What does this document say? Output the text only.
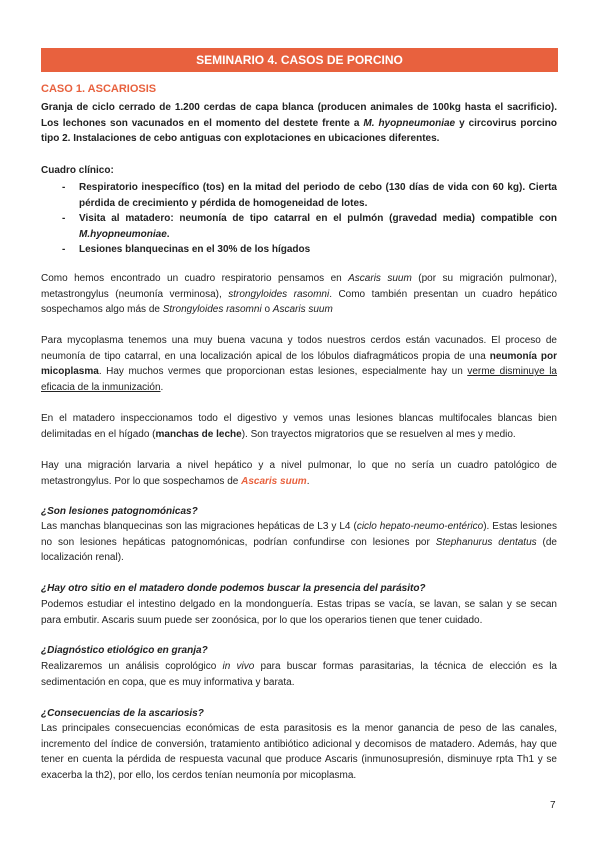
SEMINARIO 4. CASOS DE PORCINO
CASO 1. ASCARIOSIS

Granja de ciclo cerrado de 1.200 cerdas de capa blanca (producen animales de 100kg hasta el sacrificio). Los lechones son vacunados en el momento del destete frente a M. hyopneumoniae y circovirus porcino tipo 2. Instalaciones de cebo antiguas con explotaciones en ubicaciones diferentes.

Cuadro clínico:
- Respiratorio inespecífico (tos) en la mitad del periodo de cebo (130 días de vida con 60 kg). Cierta pérdida de crecimiento y pérdida de homogeneidad de lotes.
- Visita al matadero: neumonía de tipo catarral en el pulmón (gravedad media) compatible con M.hyopneumoniae.
- Lesiones blanquecinas en el 30% de los hígados

Como hemos encontrado un cuadro respiratorio pensamos en Ascaris suum (por su migración pulmonar), metastrongylus (neumonía verminosa), strongyloides rasomni. Como también presentan un cuadro hepático sospechamos algo más de Strongyloides rasomni o Ascaris suum

Para mycoplasma tenemos una muy buena vacuna y todos nuestros cerdos están vacunados. El proceso de neumonía de tipo catarral, en una localización apical de los lóbulos diafragmáticos propia de una neumonía por micoplasma. Hay muchos vermes que proporcionan estas lesiones, especialmente hay un verme disminuye la eficacia de la inmunización.

En el matadero inspeccionamos todo el digestivo y vemos unas lesiones blancas multifocales blancas bien delimitadas en el hígado (manchas de leche). Son trayectos migratorios que se resuelven al mes y medio.

Hay una migración larvaria a nivel hepático y a nivel pulmonar, lo que no sería un cuadro patológico de metastrongylus. Por lo que sospechamos de Ascaris suum.

¿Son lesiones patognomónicas?

Las manchas blanquecinas son las migraciones hepáticas de L3 y L4 (ciclo hepato-neumo-entérico). Estas lesiones no son lesiones hepáticas patognomónicas, podrían confundirse con lesiones por Stephanurus dentatus (de localización renal).

¿Hay otro sitio en el matadero donde podemos buscar la presencia del parásito?

Podemos estudiar el intestino delgado en la mondonguería. Estas tripas se vacía, se lavan, se salan y se secan para embutir. Ascaris suum puede ser zoonósica, por lo que los operarios tienen que tener cuidado.

¿Diagnóstico etiológico en granja?

Realizaremos un análisis coprológico in vivo para buscar formas parasitarias, la técnica de elección es la sedimentación en copa, que es muy informativa y barata.

¿Consecuencias de la ascariosis?

Las principales consecuencias económicas de esta parasitosis es la menor ganancia de peso de las canales, incremento del índice de conversión, tratamiento antibiótico adicional y decomisos de matadero. Además, hay que tener en cuenta la pérdida de respuesta vacunal que produce Ascaris (inmunosupresión, disminuye rpta Th1 y se exacerba la th2), por ello, los cerdos tenían neumonía por micoplasma.

7
